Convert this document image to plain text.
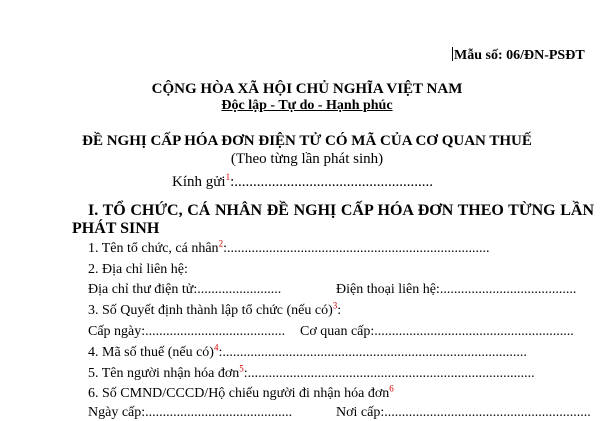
Mẫu số: 06/ĐN-PSĐT
CỘNG HÒA XÃ HỘI CHỦ NGHĨA VIỆT NAM
Độc lập - Tự do - Hạnh phúc
ĐỀ NGHỊ CẤP HÓA ĐƠN ĐIỆN TỬ CÓ MÃ CỦA CƠ QUAN THUẾ
(Theo từng lần phát sinh)
Kính gửi$^1$:.....................................................
I. TỔ CHỨC, CÁ NHÂN ĐỀ NGHỊ CẤP HÓA ĐƠN THEO TỪNG LẦN
PHÁT SINH
1. Tên tổ chức, cá nhân$^2$:...........................................................................
2. Địa chỉ liên hệ:
Địa chỉ thư điện tử:........................	Điện thoại liên hệ:.......................................
3. Số Quyết định thành lập tổ chức (nếu có)$^3$:
Cấp ngày:........................................ Cơ quan cấp:.........................................................
4. Mã số thuế (nếu có)$^4$:.......................................................................................
5. Tên người nhận hóa đơn$^5$:..................................................................................
6. Số CMND/CCCD/Hộ chiếu người đi nhận hóa đơn$^6$
Ngày cấp:..........................................	Nơi cấp:...........................................................
